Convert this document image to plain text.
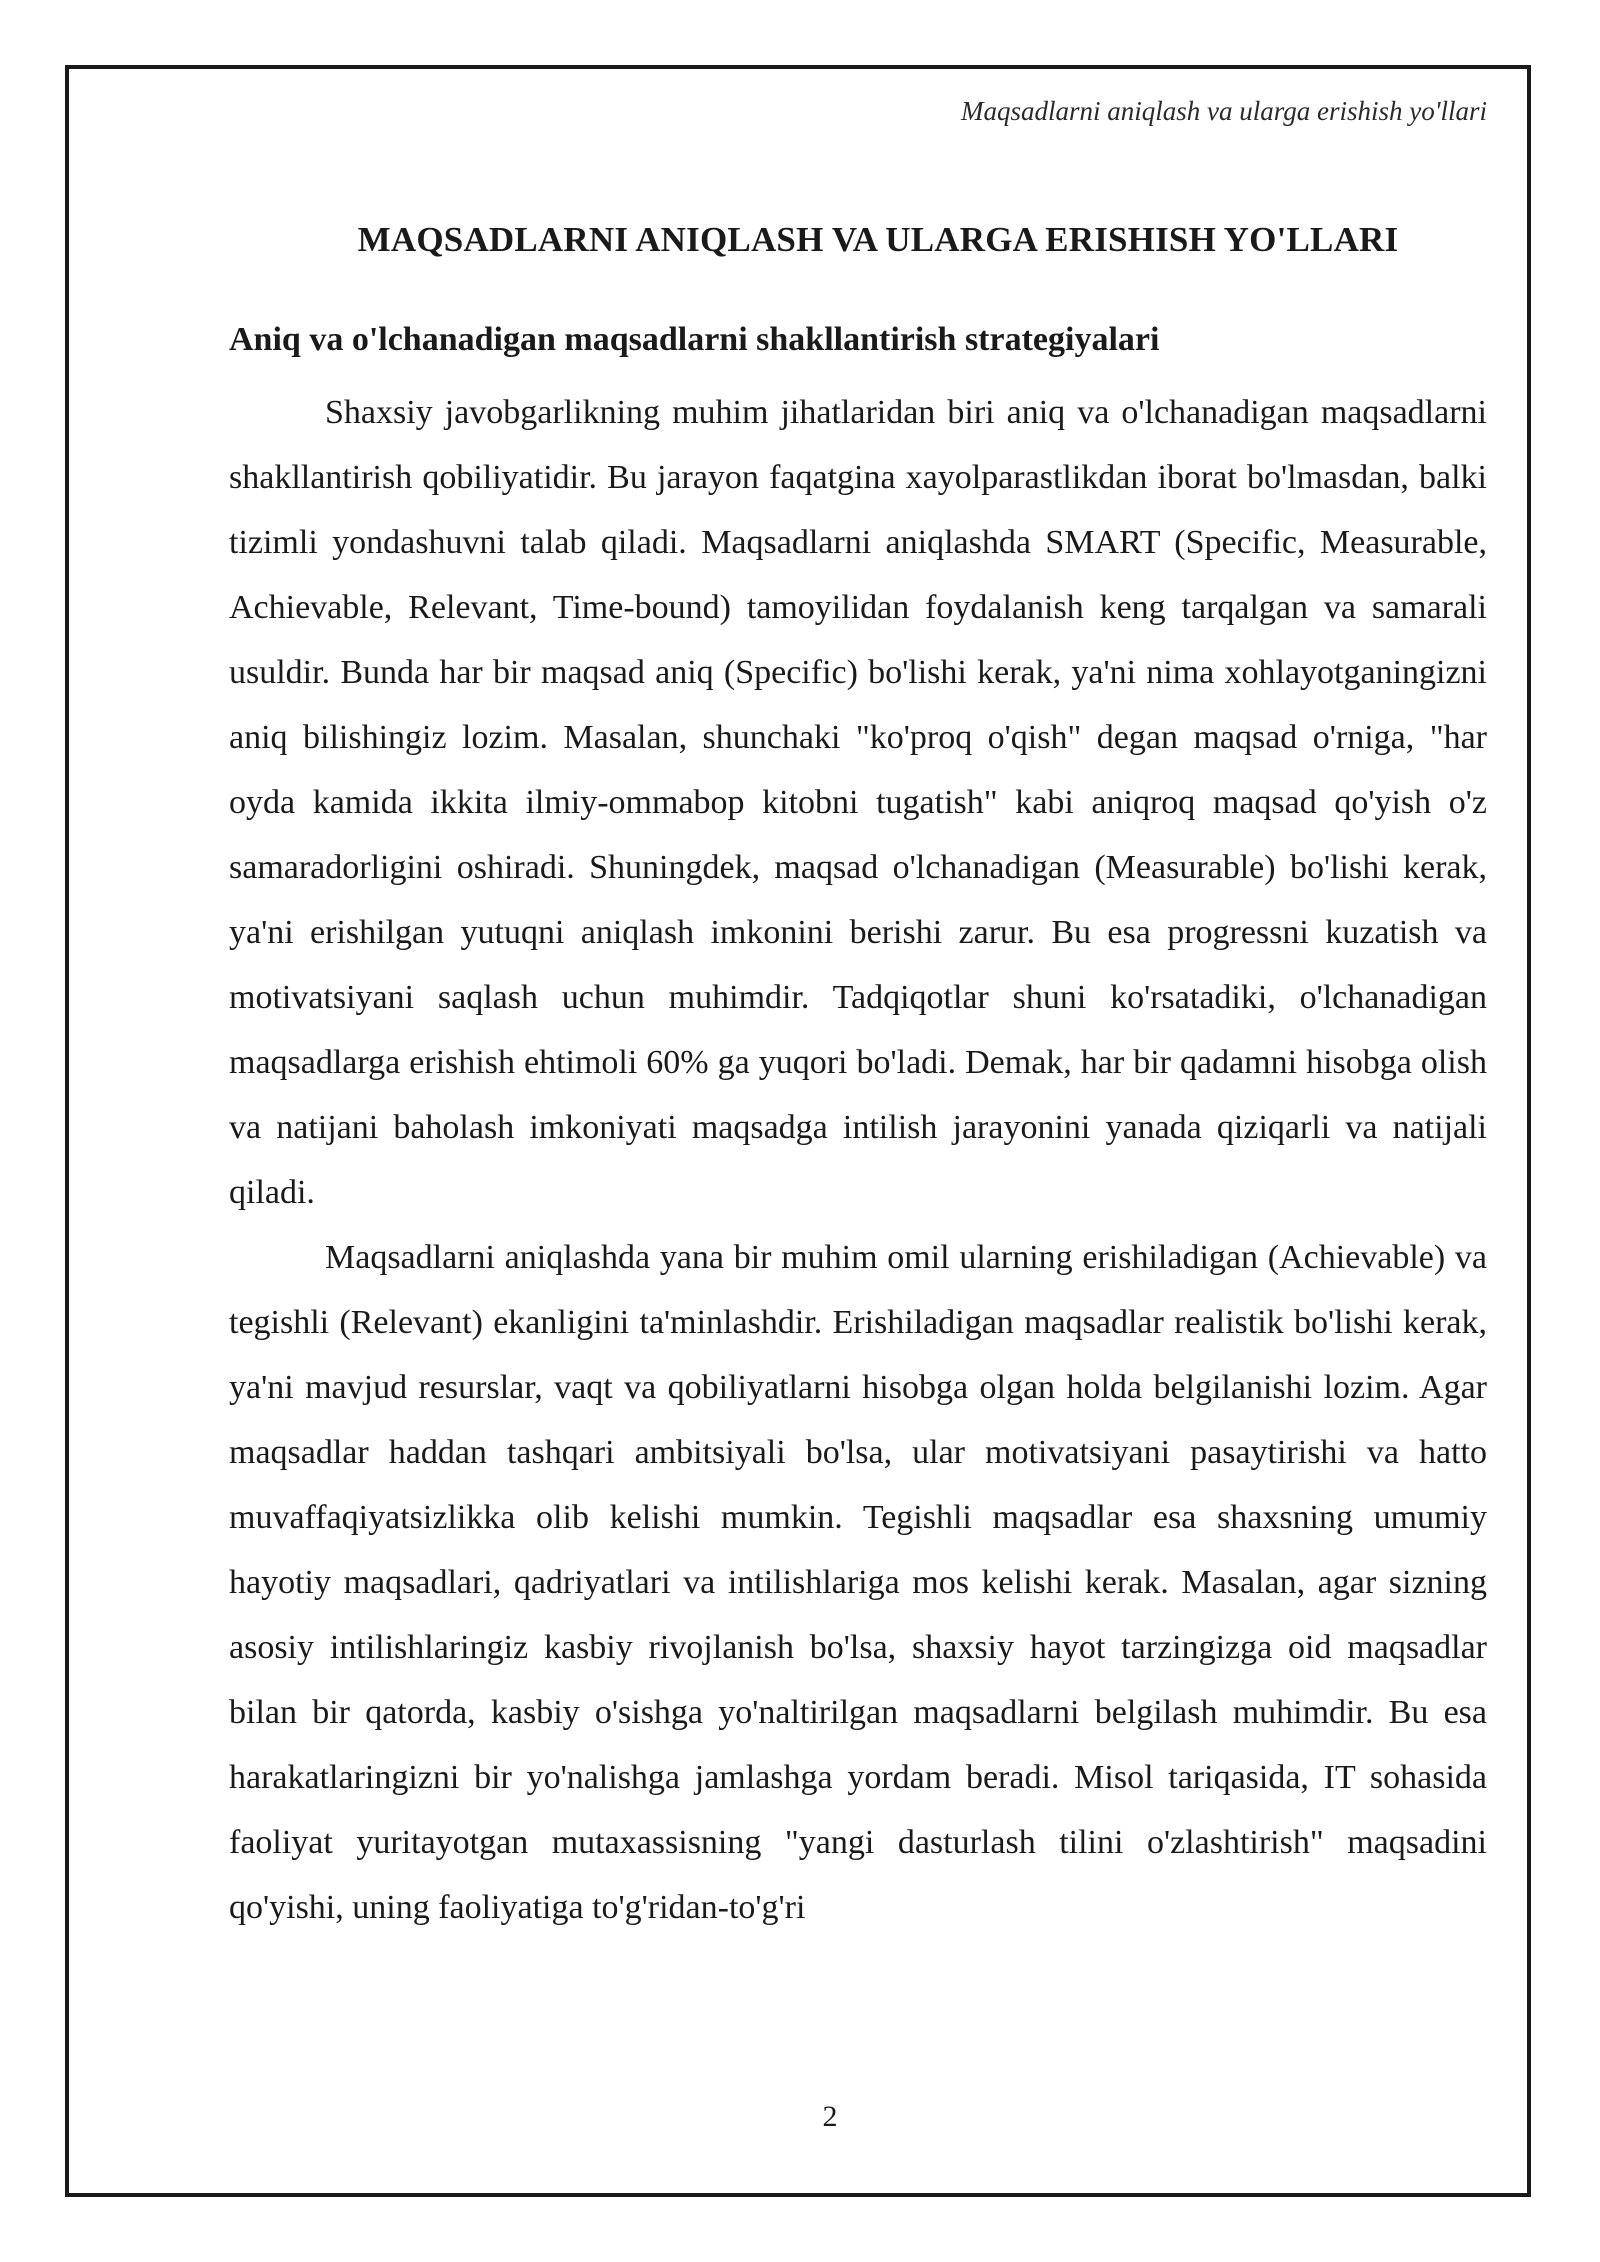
Maqsadlarni aniqlash va ularga erishish yo'llari
MAQSADLARNI ANIQLASH VA ULARGA ERISHISH YO'LLARI
Aniq va o'lchanadigan maqsadlarni shakllantirish strategiyalari

Shaxsiy javobgarlikning muhim jihatlaridan biri aniq va o'lchanadigan maqsadlarni shakllantirish qobiliyatidir. Bu jarayon faqatgina xayolparastlikdan iborat bo'lmasdan, balki tizimli yondashuvni talab qiladi. Maqsadlarni aniqlashda SMART (Specific, Measurable, Achievable, Relevant, Time-bound) tamoyilidan foydalanish keng tarqalgan va samarali usuldir. Bunda har bir maqsad aniq (Specific) bo'lishi kerak, ya'ni nima xohlayotganingizni aniq bilishingiz lozim. Masalan, shunchaki "ko'proq o'qish" degan maqsad o'rniga, "har oyda kamida ikkita ilmiy-ommabop kitobni tugatish" kabi aniqroq maqsad qo'yish o'z samaradorligini oshiradi. Shuningdek, maqsad o'lchanadigan (Measurable) bo'lishi kerak, ya'ni erishilgan yutuqni aniqlash imkonini berishi zarur. Bu esa progressni kuzatish va motivatsiyani saqlash uchun muhimdir. Tadqiqotlar shuni ko'rsatadiki, o'lchanadigan maqsadlarga erishish ehtimoli 60% ga yuqori bo'ladi. Demak, har bir qadamni hisobga olish va natijani baholash imkoniyati maqsadga intilish jarayonini yanada qiziqarli va natijali qiladi.

Maqsadlarni aniqlashda yana bir muhim omil ularning erishiladigan (Achievable) va tegishli (Relevant) ekanligini ta'minlashdir. Erishiladigan maqsadlar realistik bo'lishi kerak, ya'ni mavjud resurslar, vaqt va qobiliyatlarni hisobga olgan holda belgilanishi lozim. Agar maqsadlar haddan tashqari ambitsiyali bo'lsa, ular motivatsiyani pasaytirishi va hatto muvaffaqiyatsizlikka olib kelishi mumkin. Tegishli maqsadlar esa shaxsning umumiy hayotiy maqsadlari, qadriyatlari va intilishlariga mos kelishi kerak. Masalan, agar sizning asosiy intilishlaringiz kasbiy rivojlanish bo'lsa, shaxsiy hayot tarzingizga oid maqsadlar bilan bir qatorda, kasbiy o'sishga yo'naltirilgan maqsadlarni belgilash muhimdir. Bu esa harakatlaringizni bir yo'nalishga jamlashga yordam beradi. Misol tariqasida, IT sohasida faoliyat yuritayotgan mutaxassisning "yangi dasturlash tilini o'zlashtirish" maqsadini qo'yishi, uning faoliyatiga to'g'ridan-to'g'ri

2
